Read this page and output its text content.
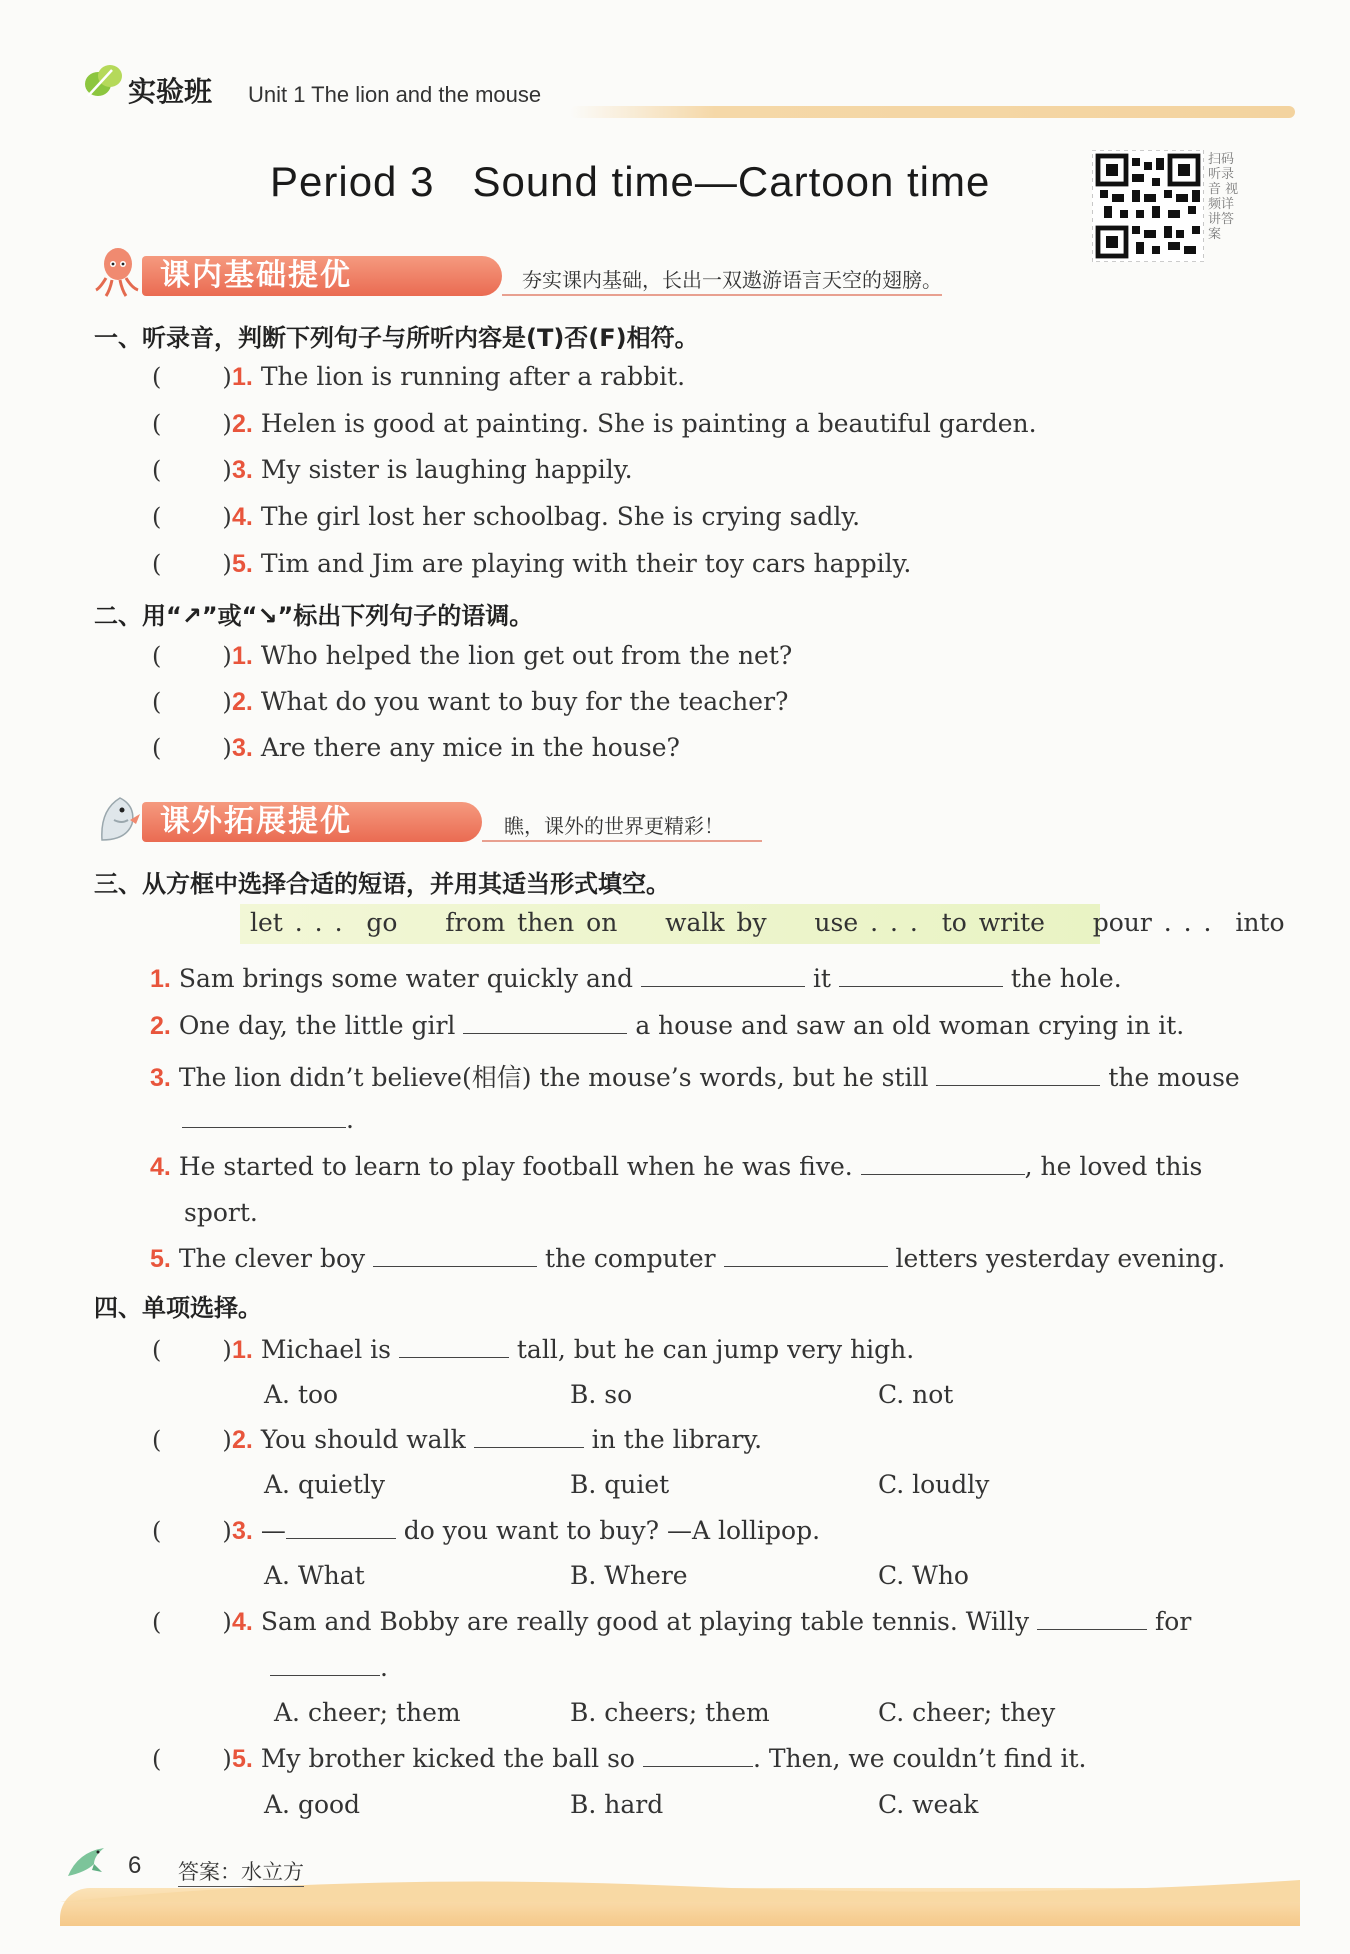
实验班 Unit 1 The lion and the mouse
Period 3   Sound time—Cartoon time	扫码听录音 视频详讲答案
课内基础提优	夯实课内基础，长出一双遨游语言天空的翅膀。
一、听录音，判断下列句子与所听内容是(T)否(F)相符。
(        ) 1. The lion is running after a rabbit.
(        ) 2. Helen is good at painting. She is painting a beautiful garden.
(        ) 3. My sister is laughing happily.
(        ) 4. The girl lost her schoolbag. She is crying sadly.
(        ) 5. Tim and Jim are playing with their toy cars happily.
二、用“↗”或“↘”标出下列句子的语调。
(        ) 1. Who helped the lion get out from the net?
(        ) 2. What do you want to buy for the teacher?
(        ) 3. Are there any mice in the house?
课外拓展提优	瞧，课外的世界更精彩！
三、从方框中选择合适的短语，并用其适当形式填空。
let . . .  go    from then on    walk by    use . . .  to write    pour . . .  into
1. Sam brings some water quickly and	it	the hole.
2. One day, the little girl	a house and saw an old woman crying in it.
3. The lion didn’t believe(相信) the mouse’s words, but he still	the mouse
.
4. He started to learn to play football when he was five.	, he loved this
sport.
5. The clever boy	the computer	letters yesterday evening.
四、单项选择。
(        ) 1. Michael is	tall, but he can jump very high.
A. too	B. so	C. not
(        ) 2. You should walk	in the library.
A. quietly	B. quiet	C. loudly
(        ) 3. —	do you want to buy? —A lollipop.
A. What	B. Where	C. Who
(        ) 4. Sam and Bobby are really good at playing table tennis. Willy	for
.
A. cheer; them	B. cheers; them	C. cheer; they
(        ) 5. My brother kicked the ball so	. Then, we couldn’t find it.
A. good	B. hard	C. weak
6 答案：水立方
